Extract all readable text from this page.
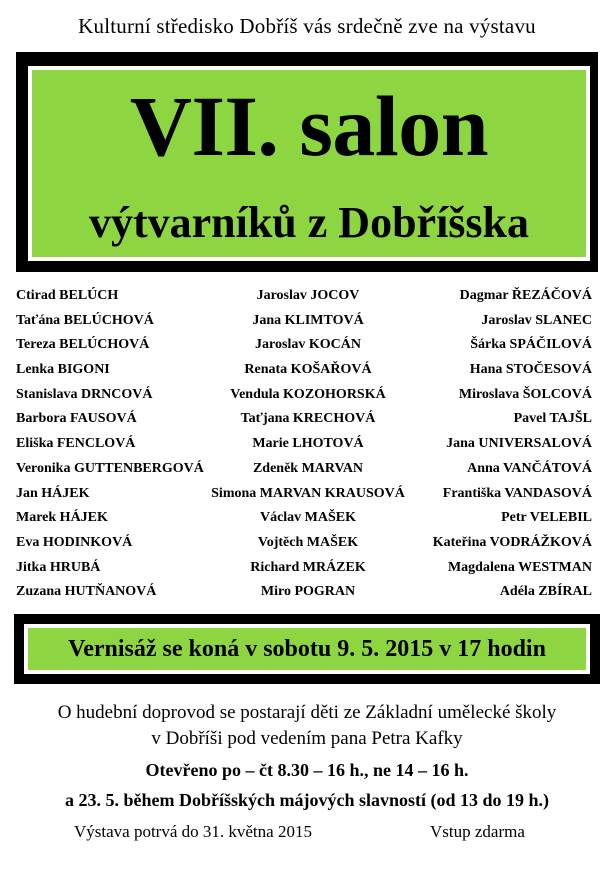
Kulturní středisko Dobříš vás srdečně zve na výstavu
VII. salon
výtvarníků z Dobříšska
Ctirad BELÚCH
Taťána BELÚCHOVÁ
Tereza BELÚCHOVÁ
Lenka BIGONI
Stanislava DRNCOVÁ
Barbora FAUSOVÁ
Eliška FENCLOVÁ
Veronika GUTTENBERGOVÁ
Jan HÁJEK
Marek HÁJEK
Eva HODINKOVÁ
Jitka HRUBÁ
Zuzana HUTŇANOVÁ
Jaroslav JOCOV
Jana KLIMTOVÁ
Jaroslav KOCÁN
Renata KOŠAŘOVÁ
Vendula KOZOHORSKÁ
Taťjana KRECHOVÁ
Marie LHOTOVÁ
Zdeněk MARVAN
Simona MARVAN KRAUSOVÁ
Václav MAŠEK
Vojtěch MAŠEK
Richard MRÁZEK
Miro POGRAN
Dagmar ŘEZÁČOVÁ
Jaroslav SLANEC
Šárka SPÁČILOVÁ
Hana STOČESOVÁ
Miroslava ŠOLCOVÁ
Pavel TAJŠL
Jana UNIVERSALOVÁ
Anna VANČÁTOVÁ
Františka VANDASOVÁ
Petr VELEBIL
Kateřina VODRÁŽKOVÁ
Magdalena WESTMAN
Adéla ZBÍRAL
Vernisáž se koná v sobotu 9. 5. 2015 v 17 hodin
O hudební doprovod se postarají děti ze Základní umělecké školy
v Dobříši pod vedením pana Petra Kafky
Otevřeno po – čt 8.30 – 16 h., ne 14 – 16 h.
a 23. 5. během Dobříšských májových slavností (od 13 do 19 h.)
Výstava potrvá do 31. května 2015	Vstup zdarma
